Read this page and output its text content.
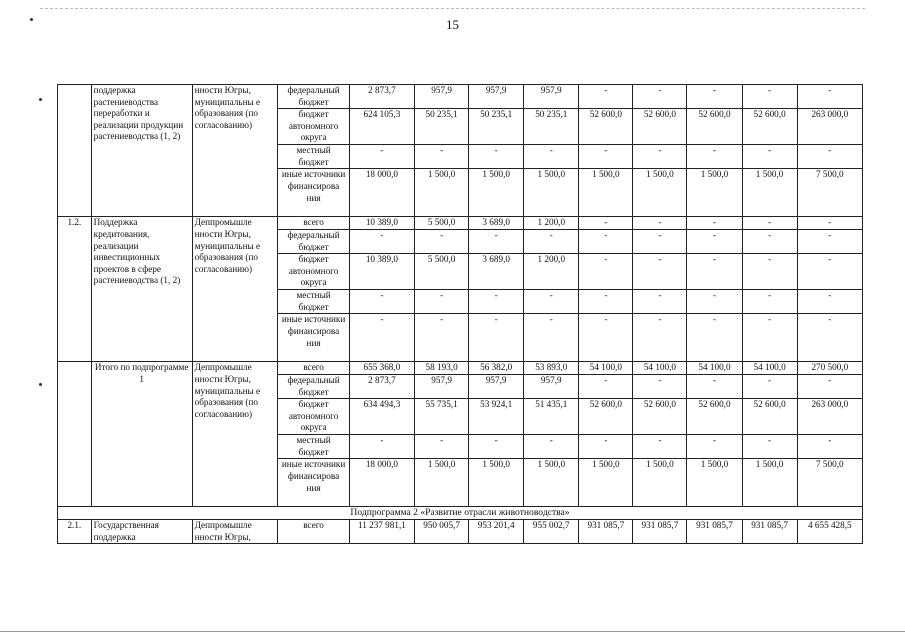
15
	поддержка растениеводства переработки и реализации продукции растениеводства (1, 2)	нности Югры, муниципальны е образования (по согласованию)	федеральный бюджет	2 873,7	957,9	957,9	957,9	-	-	-	-	-
			бюджет автономного округа	624 105,3	50 235,1	50 235,1	50 235,1	52 600,0	52 600,0	52 600,0	52 600,0	263 000,0
			местный бюджет	-	-	-	-	-	-	-	-	-
			иные источники финансирова ния	18 000,0	1 500,0	1 500,0	1 500,0	1 500,0	1 500,0	1 500,0	1 500,0	7 500,0
1.2.	Поддержка кредитования, реализации инвестиционных проектов в сфере растениеводства (1, 2)	Деппромышле нности Югры, муниципальны е образования (по согласованию)	всего	10 389,0	5 500,0	3 689,0	1 200,0	-	-	-	-	-
			федеральный бюджет	-	-	-	-	-	-	-	-	-
			бюджет автономного округа	10 389,0	5 500,0	3 689,0	1 200,0	-	-	-	-	-
			местный бюджет	-	-	-	-	-	-	-	-	-
			иные источники финансирова ния	-	-	-	-	-	-	-	-	-
	Итого по подпрограмме 1	Деппромышле нности Югры, муниципальны е образования (по согласованию)	всего	655 368,0	58 193,0	56 382,0	53 893,0	54 100,0	54 100,0	54 100,0	54 100,0	270 500,0
			федеральный бюджет	2 873,7	957,9	957,9	957,9	-	-	-	-	-
			бюджет автономного округа	634 494,3	55 735,1	53 924,1	51 435,1	52 600,0	52 600,0	52 600,0	52 600,0	263 000,0
			местный бюджет	-	-	-	-	-	-	-	-	-
			иные источники финансирова ния	18 000,0	1 500,0	1 500,0	1 500,0	1 500,0	1 500,0	1 500,0	1 500,0	7 500,0
Подпрограмма 2 «Развитие отрасли животноводства»												
2.1.	Государственная поддержка	Деппромышле нности Югры,	всего	11 237 981,1	950 005,7	953 201,4	955 002,7	931 085,7	931 085,7	931 085,7	931 085,7	4 655 428,5
